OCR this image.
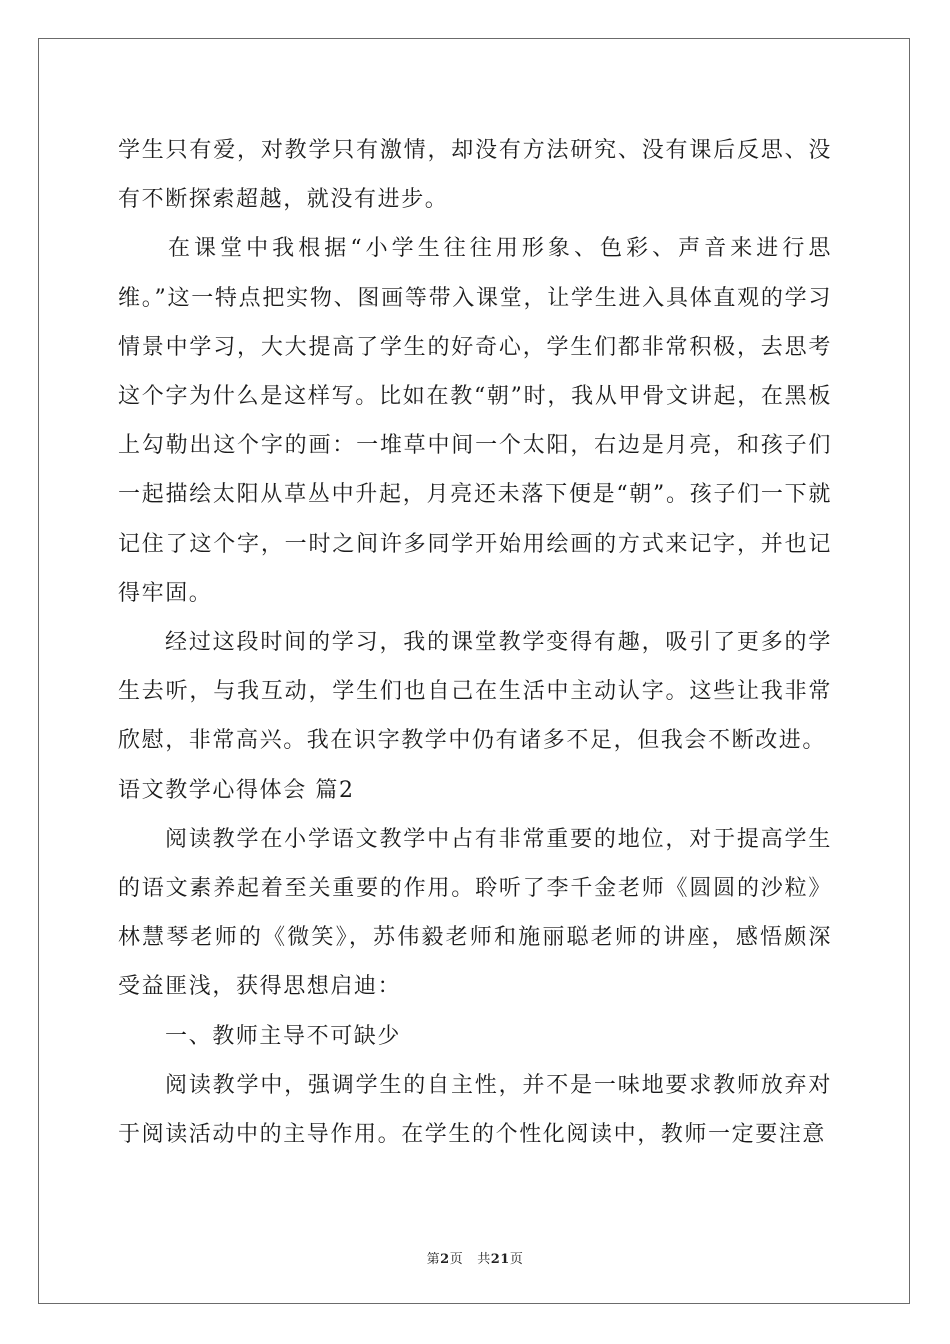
学生只有爱，对教学只有激情，却没有方法研究、没有课后反思、没有不断探索超越，就没有进步。

在课堂中我根据“小学生往往用形象、色彩、声音来进行思维。”这一特点把实物、图画等带入课堂，让学生进入具体直观的学习情景中学习，大大提高了学生的好奇心，学生们都非常积极，去思考这个字为什么是这样写。比如在教“朝”时，我从甲骨文讲起，在黑板上勾勒出这个字的画：一堆草中间一个太阳，右边是月亮，和孩子们一起描绘太阳从草丛中升起，月亮还未落下便是“朝”。孩子们一下就记住了这个字，一时之间许多同学开始用绘画的方式来记字，并也记得牢固。

经过这段时间的学习，我的课堂教学变得有趣，吸引了更多的学生去听，与我互动，学生们也自己在生活中主动认字。这些让我非常欣慰，非常高兴。我在识字教学中仍有诸多不足，但我会不断改进。

语文教学心得体会 篇2

阅读教学在小学语文教学中占有非常重要的地位，对于提高学生的语文素养起着至关重要的作用。聆听了李千金老师《圆圆的沙粒》林慧琴老师的《微笑》，苏伟毅老师和施丽聪老师的讲座，感悟颇深受益匪浅，获得思想启迪：

一、教师主导不可缺少

阅读教学中，强调学生的自主性，并不是一味地要求教师放弃对于阅读活动中的主导作用。在学生的个性化阅读中，教师一定要注意

第2页 共21页
